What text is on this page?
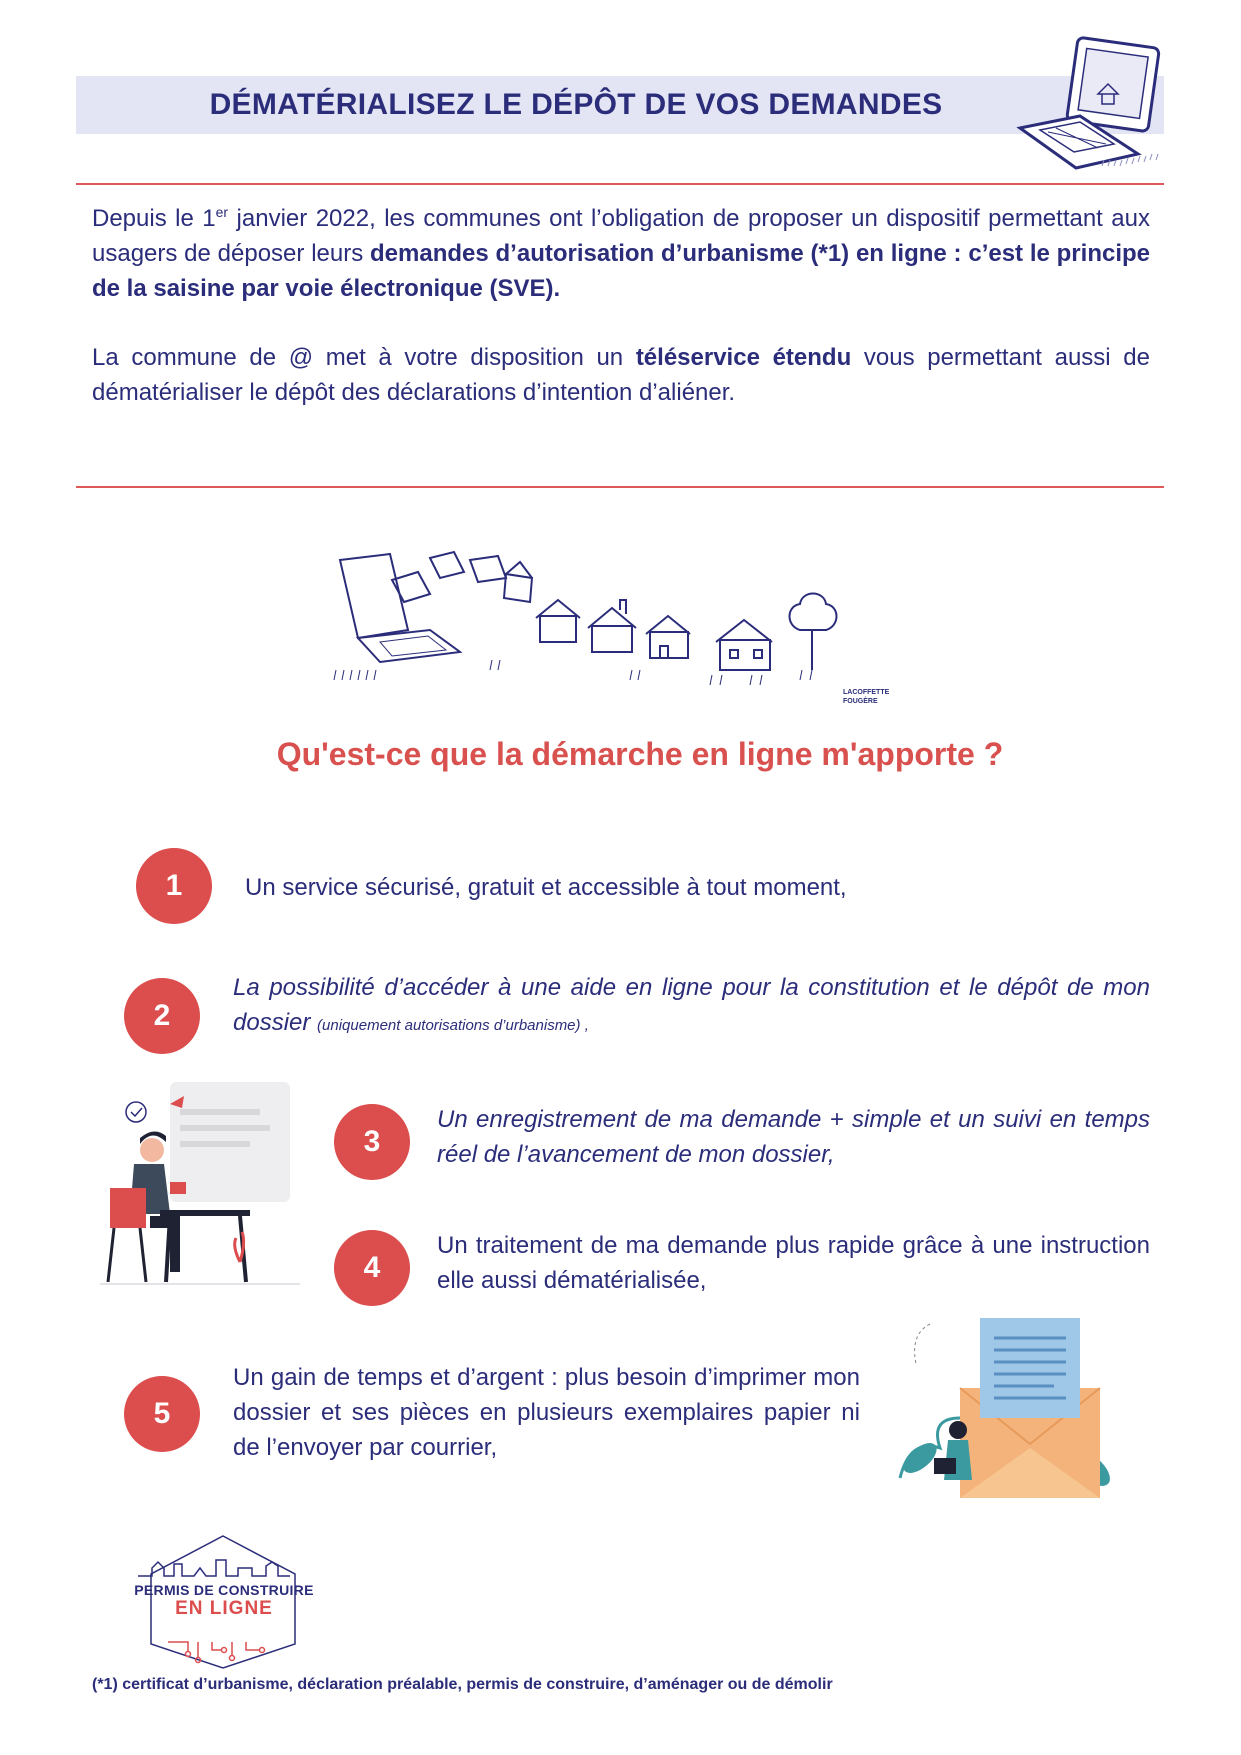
DÉMATÉRIALISEZ LE DÉPÔT DE VOS DEMANDES
Depuis le 1er janvier 2022, les communes ont l’obligation de proposer un dispositif permettant aux usagers de déposer leurs demandes d’autorisation d’urbanisme (*1) en ligne : c’est le principe de la saisine par voie électronique (SVE).
La commune de @ met à votre disposition un téléservice étendu vous permettant aussi de dématérialiser le dépôt des déclarations d’intention d’aliéner.
LACOFFETTE FOUGÈRE
Qu'est-ce que la démarche en ligne m'apporte ?
1	Un service sécurisé, gratuit et accessible à tout moment,
2
La possibilité d’accéder à une aide en ligne pour la constitution et le dépôt de mon dossier (uniquement autorisations d’urbanisme) ,
3
Un enregistrement de ma demande + simple et un suivi en temps réel de l’avancement de mon dossier,
4
Un traitement de ma demande plus rapide grâce à une instruction elle aussi dématérialisée,
5
Un gain de temps et d’argent : plus besoin d’imprimer mon dossier et ses pièces en plusieurs exemplaires papier ni de l’envoyer par courrier,
PERMIS DE CONSTRUIRE
EN LIGNE
(*1) certificat d’urbanisme, déclaration préalable, permis de construire, d’aménager ou de démolir
